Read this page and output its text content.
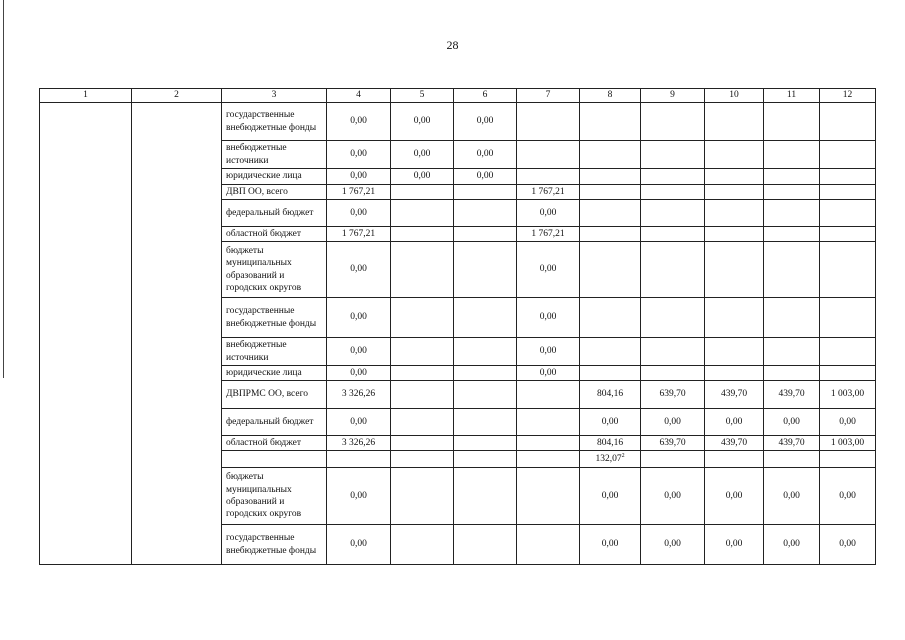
28
1	2	3	4	5	6	7	8	9	10	11	12
		государственные внебюджетные фонды	0,00	0,00	0,00						
		внебюджетные источники	0,00	0,00	0,00						
		юридические лица	0,00	0,00	0,00						
		ДВП ОО, всего	1 767,21			1 767,21					
		федеральный бюджет	0,00			0,00					
		областной бюджет	1 767,21			1 767,21					
		бюджеты муниципальных образований и городских округов	0,00			0,00					
		государственные внебюджетные фонды	0,00			0,00					
		внебюджетные источники	0,00			0,00					
		юридические лица	0,00			0,00					
		ДВПРМС ОО, всего	3 326,26				804,16	639,70	439,70	439,70	1 003,00
		федеральный бюджет	0,00				0,00	0,00	0,00	0,00	0,00
		областной бюджет	3 326,26				804,16	639,70	439,70	439,70	1 003,00
							132,07$^2$				
		бюджеты муниципальных образований и городских округов	0,00				0,00	0,00	0,00	0,00	0,00
		государственные внебюджетные фонды	0,00				0,00	0,00	0,00	0,00	0,00
